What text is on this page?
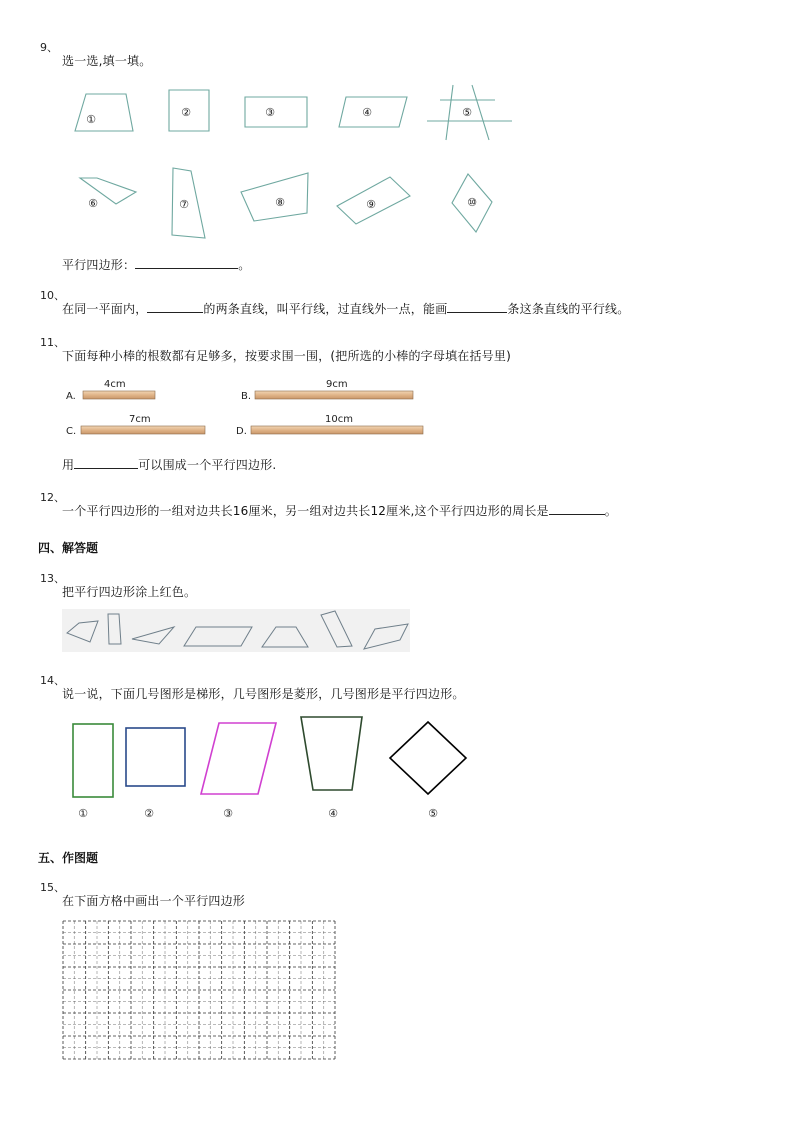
9、
选一选,填一填。
①
②	③	④	⑤
⑥	⑦	⑧	⑨	⑩
平行四边形：	。
10、
在同一平面内，	的两条直线，叫平行线，过直线外一点，能画	条这条直线的平行线。
11、
下面每种小棒的根数都有足够多，按要求围一围，(把所选的小棒的字母填在括号里)
A.
4cm
B.
9cm
C.
7cm
D.
10cm
用	可以围成一个平行四边形.
12、
一个平行四边形的一组对边共长16厘米，另一组对边共长12厘米,这个平行四边形的周长是	。
四、解答题
13、
把平行四边形涂上红色。
14、
说一说，下面几号图形是梯形，几号图形是菱形，几号图形是平行四边形。
①	②	③	④	⑤
五、作图题
15、
在下面方格中画出一个平行四边形
